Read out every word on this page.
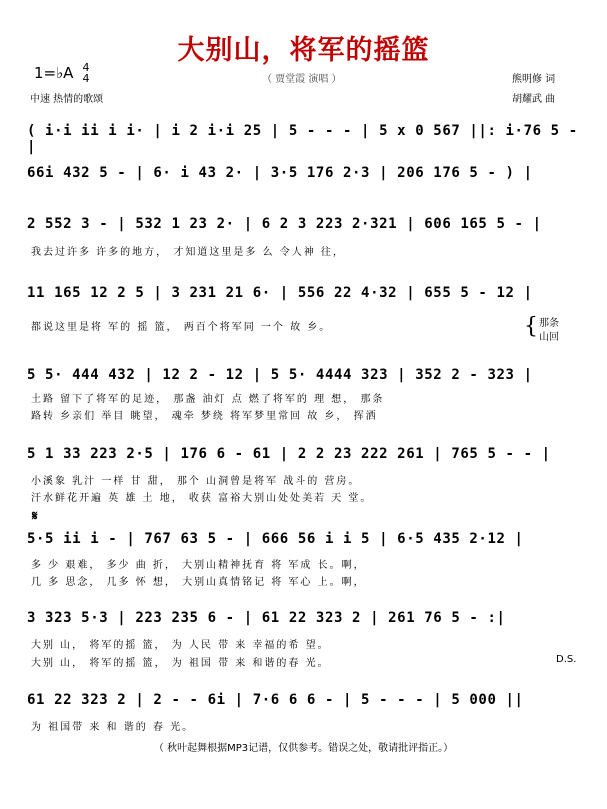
大别山，将军的摇篮
1=♭A 4
4
中速 热情的歌颂
（ 贾堂霞 演唱 ）	熊明修 词
胡耀武 曲
( i·i ii i i· | i 2 i·i 25 | 5 - - - | 5 x 0 567 ||: i·76 5 - |
66i 432 5 - | 6· i 43 2· | 3·5 176 2·3 | 206 176 5 - ) |
2 552 3 - | 532 1 23 2· | 6 2 3 223 2·321 | 606 165 5 - |
我去过许多 许多的地方， 才知道这里是多 么 令人神 往，
11 165 12 2 5 | 3 231 21 6· | 556 22 4·32 | 655 5 - 12 |
都说这里是将 军的 摇 篮， 两百个将军同 一个 故 乡。	{ 那条
山回
5 5· 444 432 | 12 2 - 12 | 5 5· 4444 323 | 352 2 - 323 |
土路 留下了将军的足迹， 那盏 油灯 点 燃了将军的 理 想， 那条
路转 乡亲们 举目 眺望， 魂牵 梦绕 将军梦里常回 故 乡， 挥洒
5 1 33 223 2·5 | 176 6 - 61 | 2 2 23 222 261 | 765 5 - - |
小溪象 乳汁 一样 甘 甜， 那个 山洞曾是将军 战斗的 营房。
汗水鲜花开遍 英 雄 土 地， 收获 富裕大别山处处美若 天 堂。
𝄋
5·5 ii i - | 767 63 5 - | 666 56 i i 5 | 6·5 435 2·12 |
多 少 艰难， 多少 曲 折， 大别山精神抚育 将 军成 长。啊，
几 多 思念， 几多 怀 想， 大别山真情铭记 将 军心 上。啊，
3 323 5·3 | 223 235 6 - | 61 22 323 2 | 261 76 5 - :|
大别 山， 将军的摇 篮， 为 人民 带 来 幸福的希 望。
大别 山， 将军的摇 篮， 为 祖国 带 来 和谐的春 光。	D.S.
61 22 323 2 | 2 - - 6i | 7·6 6 6 - | 5 - - - | 5 000 ||
为 祖国带 来 和 谐的 春 光。
（ 秋叶起舞根据MP3记谱，仅供参考。错误之处，敬请批评指正。）
